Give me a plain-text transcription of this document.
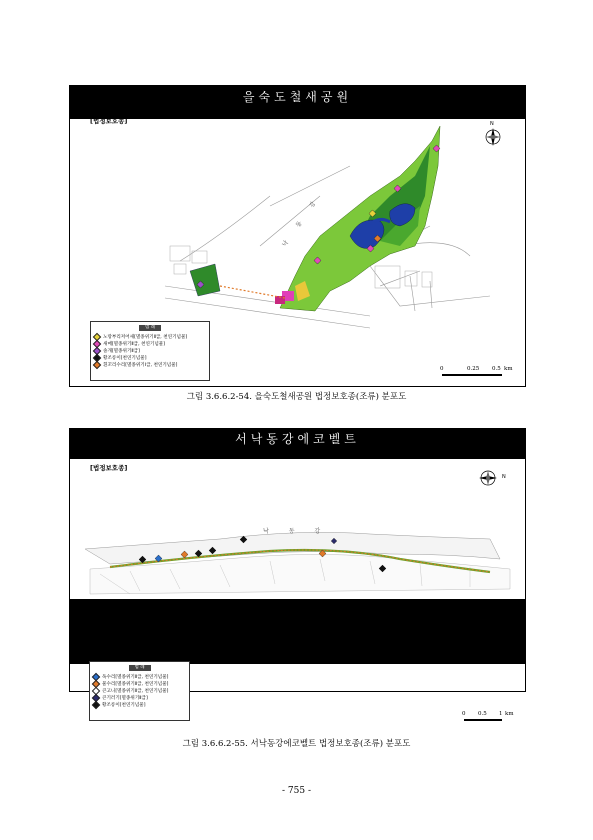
을숙도철새공원
[법정보호종]
낙 동 강
N
범 례
노랑부리저어새[멸종위기Ⅱ급, 천연기념물]
새매[멸종위기Ⅱ급, 천연기념물]
솔개[멸종위기Ⅱ급]
황조롱이[천연기념물]
흰꼬리수리[멸종위기Ⅰ급, 천연기념물]
0	0.25 0.5 km
그림 3.6.6.2-54. 을숙도철새공원 법정보호종(조류) 분포도
서낙동강에코벨트
[법정보호종]
낙 동 강
N
범 례
독수리[멸종위기Ⅱ급, 천연기념물]
물수리[멸종위기Ⅱ급, 천연기념물]
큰고니[멸종위기Ⅱ급, 천연기념물]
큰기러기[멸종위기Ⅱ급]
황조롱이[천연기념물]
0 0.5 1 km
그림 3.6.6.2-55. 서낙동강에코벨트 법정보호종(조류) 분포도
- 755 -
